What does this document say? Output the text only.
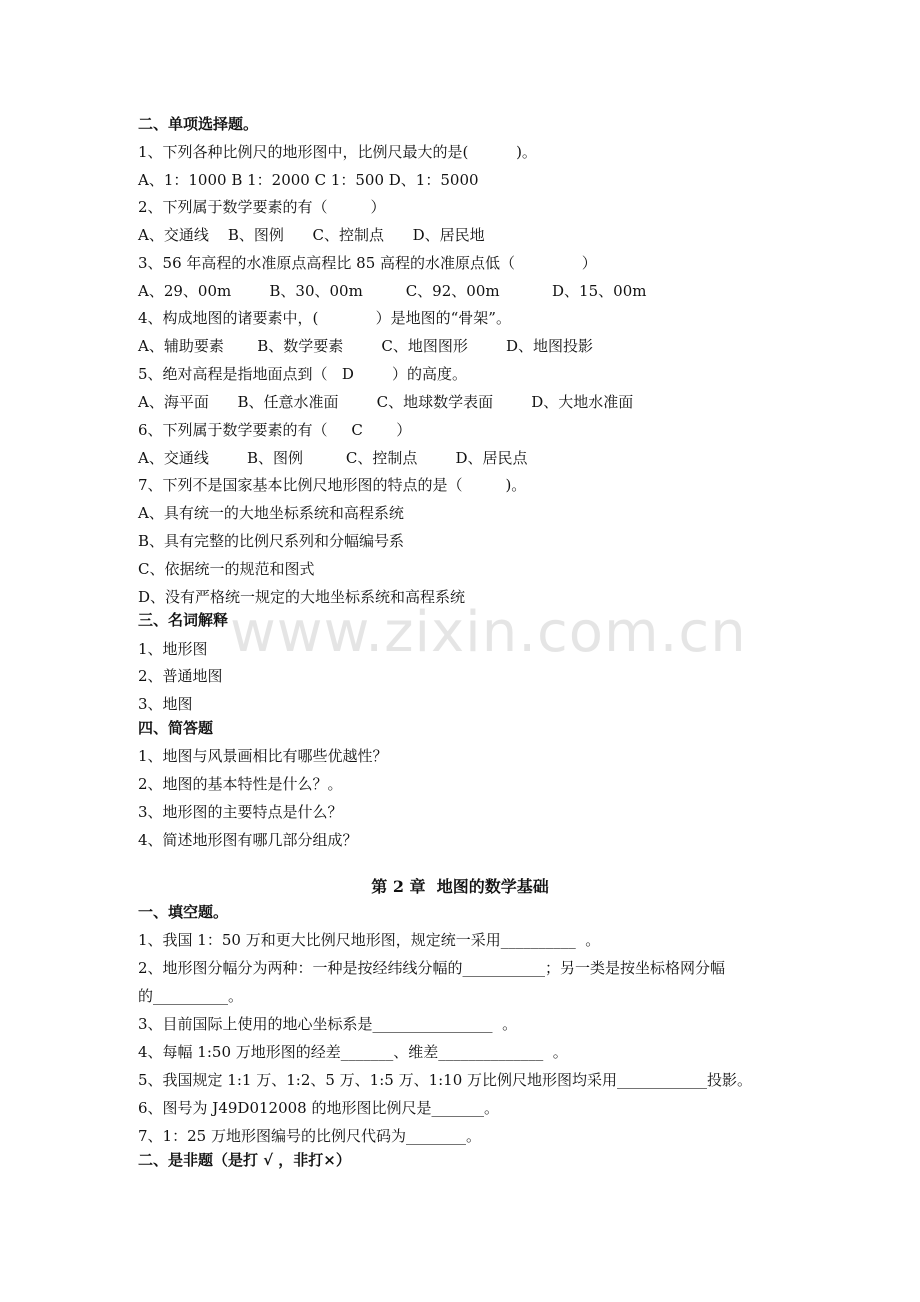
www.zixin.com.cn
二、单项选择题。
1、下列各种比例尺的地形图中，比例尺最大的是(          )。
A、1：1000 B 1：2000 C 1：500 D、1：5000
2、下列属于数学要素的有（         ）
A、交通线    B、图例      C、控制点      D、居民地
3、56 年高程的水准原点高程比 85 高程的水准原点低（              ）
A、29、00m        B、30、00m         C、92、00m           D、15、00m
4、构成地图的诸要素中，(            ）是地图的“骨架”。
A、辅助要素       B、数学要素        C、地图图形        D、地图投影
5、绝对高程是指地面点到（   D        ）的高度。
A、海平面      B、任意水准面        C、地球数学表面        D、大地水准面
6、下列属于数学要素的有（     C       ）
A、交通线        B、图例         C、控制点        D、居民点
7、下列不是国家基本比例尺地形图的特点的是（         )。
A、具有统一的大地坐标系统和高程系统
B、具有完整的比例尺系列和分幅编号系
C、依据统一的规范和图式
D、没有严格统一规定的大地坐标系统和高程系统
三、名词解释
1、地形图
2、普通地图
3、地图
四、简答题
1、地图与风景画相比有哪些优越性？
2、地图的基本特性是什么？。
3、地形图的主要特点是什么？
4、简述地形图有哪几部分组成？
第 2 章  地图的数学基础
一、填空题。
1、我国 1：50 万和更大比例尺地形图，规定统一采用__________  。
2、地形图分幅分为两种：一种是按经纬线分幅的___________；另一类是按坐标格网分幅
的__________。
3、目前国际上使用的地心坐标系是________________  。
4、每幅 1:50 万地形图的经差_______、维差______________  。
5、我国规定 1:1 万、1:2、5 万、1:5 万、1:10 万比例尺地形图均采用____________投影。
6、图号为 J49D012008 的地形图比例尺是_______。
7、1：25 万地形图编号的比例尺代码为________。
二、是非题（是打 √ ，非打×）
